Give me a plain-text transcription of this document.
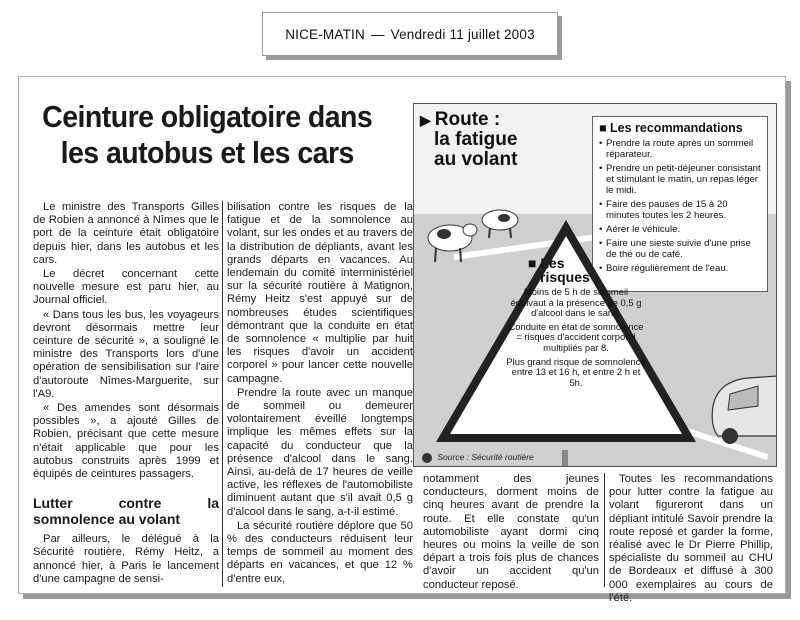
NICE-MATIN — Vendredi 11 juillet 2003
Ceinture obligatoire dans
les autobus et les cars

Le ministre des Transports Gilles de Robien a annoncé à Nîmes que le port de la ceinture était obligatoire depuis hier, dans les autobus et les cars.

Le décret concernant cette nouvelle mesure est paru hier, au Journal officiel.

« Dans tous les bus, les voyageurs devront désormais mettre leur ceinture de sécurité », a souligné le ministre des Transports lors d'une opération de sensibilisation sur l'aire d'autoroute Nîmes-Marguerite, sur l'A9.

« Des amendes sont désormais possibles », a ajouté Gilles de Robien, précisant que cette mesure n'était applicable que pour les autobus construits après 1999 et équipés de ceintures passagers.

Lutter contre la somnolence au volant

Par ailleurs, le délégué à la Sécurité routière, Rémy Heitz, a annoncé hier, à Paris le lancement d'une campagne de sensi-

bilisation contre les risques de la fatigue et de la somnolence au volant, sur les ondes et au travers de la distribution de dépliants, avant les grands départs en vacances. Au lendemain du comité interministériel sur la sécurité routière à Matignon, Rémy Heitz s'est appuyé sur de nombreuses études scientifiques démontrant que la conduite en état de somnolence « multiplie par huit les risques d'avoir un accident corporel » pour lancer cette nouvelle campagne.

Prendre la route avec un manque de sommeil ou demeurer volontairement éveillé longtemps implique les mêmes effets sur la capacité du conducteur que la présence d'alcool dans le sang. Ainsi, au-delà de 17 heures de veille active, les réflexes de l'automobiliste diminuent autant que s'il avait 0,5 g d'alcool dans le sang, a-t-il estimé.

La sécurité routière déplore que 50 % des conducteurs réduisent leur temps de sommeil au moment des départs en vacances, et que 12 % d'entre eux,

notamment des jeunes conducteurs, dorment moins de cinq heures avant de prendre la route. Et elle constate qu'un automobiliste ayant dormi cinq heures ou moins la veille de son départ a trois fois plus de chances d'avoir un accident qu'un conducteur reposé.

Toutes les recommandations pour lutter contre la fatigue au volant figureront dans un dépliant intitulé Savoir prendre la route reposé et garder la forme, réalisé avec le Dr Pierre Phillip, spécialiste du sommeil au CHU de Bordeaux et diffusé à 300 000 exemplaires au cours de l'été.

▶ Route :
la fatigue
au volant
■ Les recommandations
• Prendre la route après un sommeil réparateur.
• Prendre un petit-déjeuner consistant et stimulant le matin, un repas léger le midi.
• Faire des pauses de 15 à 20 minutes toutes les 2 heures.
• Aérer le véhicule.
• Faire une sieste suivie d'une prise de thé ou de café.
• Boire régulièrement de l'eau.
■ Les
risques

Moins de 5 h de sommeil équivaut à la présence de 0,5 g d'alcool dans le sang.

Conduite en état de somnolence = risques d'accident corporel multipliés par 8.

Plus grand risque de somnolence entre 13 et 16 h, et entre 2 h et 5h.

Source : Sécurité routière
